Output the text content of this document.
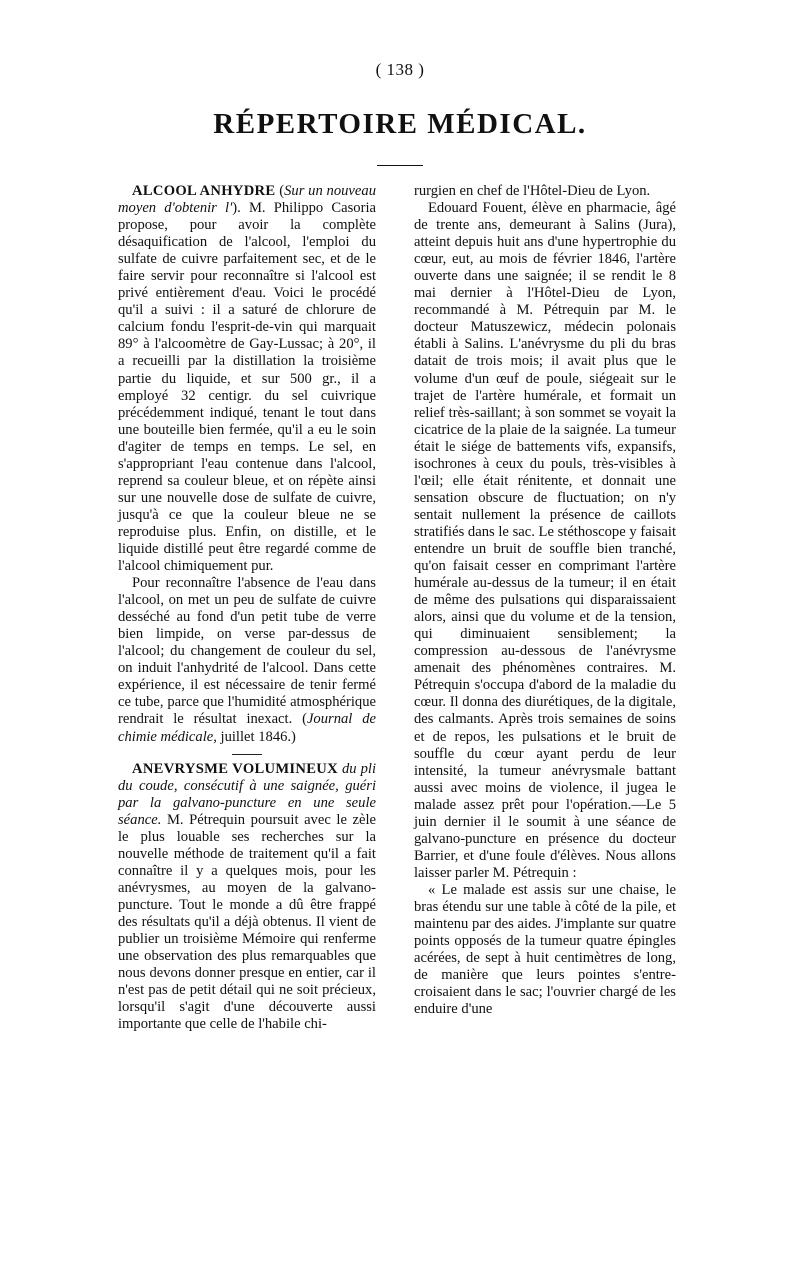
( 138 )
RÉPERTOIRE MÉDICAL.

ALCOOL ANHYDRE (Sur un nouveau moyen d'obtenir l'). M. Philippo Casoria propose, pour avoir la complète désaquification de l'alcool, l'emploi du sulfate de cuivre parfaitement sec, et de le faire servir pour reconnaître si l'alcool est privé entièrement d'eau. Voici le procédé qu'il a suivi : il a saturé de chlorure de calcium fondu l'esprit-de-vin qui marquait 89° à l'alcoomètre de Gay-Lussac; à 20°, il a recueilli par la distillation la troisième partie du liquide, et sur 500 gr., il a employé 32 centigr. du sel cuivrique précédemment indiqué, tenant le tout dans une bouteille bien fermée, qu'il a eu le soin d'agiter de temps en temps. Le sel, en s'appropriant l'eau contenue dans l'alcool, reprend sa couleur bleue, et on répète ainsi sur une nouvelle dose de sulfate de cuivre, jusqu'à ce que la couleur bleue ne se reproduise plus. Enfin, on distille, et le liquide distillé peut être regardé comme de l'alcool chimiquement pur.

Pour reconnaître l'absence de l'eau dans l'alcool, on met un peu de sulfate de cuivre desséché au fond d'un petit tube de verre bien limpide, on verse par-dessus de l'alcool; du changement de couleur du sel, on induit l'anhydrité de l'alcool. Dans cette expérience, il est nécessaire de tenir fermé ce tube, parce que l'humidité atmosphérique rendrait le résultat inexact. (Journal de chimie médicale, juillet 1846.)

ANEVRYSME VOLUMINEUX du pli du coude, consécutif à une saignée, guéri par la galvano-puncture en une seule séance. M. Pétrequin poursuit avec le zèle le plus louable ses recherches sur la nouvelle méthode de traitement qu'il a fait connaître il y a quelques mois, pour les anévrysmes, au moyen de la galvano-puncture. Tout le monde a dû être frappé des résultats qu'il a déjà obtenus. Il vient de publier un troisième Mémoire qui renferme une observation des plus remarquables que nous devons donner presque en entier, car il n'est pas de petit détail qui ne soit précieux, lorsqu'il s'agit d'une découverte aussi importante que celle de l'habile chi-

rurgien en chef de l'Hôtel-Dieu de Lyon.

Edouard Fouent, élève en pharmacie, âgé de trente ans, demeurant à Salins (Jura), atteint depuis huit ans d'une hypertrophie du cœur, eut, au mois de février 1846, l'artère ouverte dans une saignée; il se rendit le 8 mai dernier à l'Hôtel-Dieu de Lyon, recommandé à M. Pétrequin par M. le docteur Matuszewicz, médecin polonais établi à Salins. L'anévrysme du pli du bras datait de trois mois; il avait plus que le volume d'un œuf de poule, siégeait sur le trajet de l'artère humérale, et formait un relief très-saillant; à son sommet se voyait la cicatrice de la plaie de la saignée. La tumeur était le siége de battements vifs, expansifs, isochrones à ceux du pouls, très-visibles à l'œil; elle était rénitente, et donnait une sensation obscure de fluctuation; on n'y sentait nullement la présence de caillots stratifiés dans le sac. Le stéthoscope y faisait entendre un bruit de souffle bien tranché, qu'on faisait cesser en comprimant l'artère humérale au-dessus de la tumeur; il en était de même des pulsations qui disparaissaient alors, ainsi que du volume et de la tension, qui diminuaient sensiblement; la compression au-dessous de l'anévrysme amenait des phénomènes contraires. M. Pétrequin s'occupa d'abord de la maladie du cœur. Il donna des diurétiques, de la digitale, des calmants. Après trois semaines de soins et de repos, les pulsations et le bruit de souffle du cœur ayant perdu de leur intensité, la tumeur anévrysmale battant aussi avec moins de violence, il jugea le malade assez prêt pour l'opération.—Le 5 juin dernier il le soumit à une séance de galvano-puncture en présence du docteur Barrier, et d'une foule d'élèves. Nous allons laisser parler M. Pétrequin :

« Le malade est assis sur une chaise, le bras étendu sur une table à côté de la pile, et maintenu par des aides. J'implante sur quatre points opposés de la tumeur quatre épingles acérées, de sept à huit centimètres de long, de manière que leurs pointes s'entre-croisaient dans le sac; l'ouvrier chargé de les enduire d'une
